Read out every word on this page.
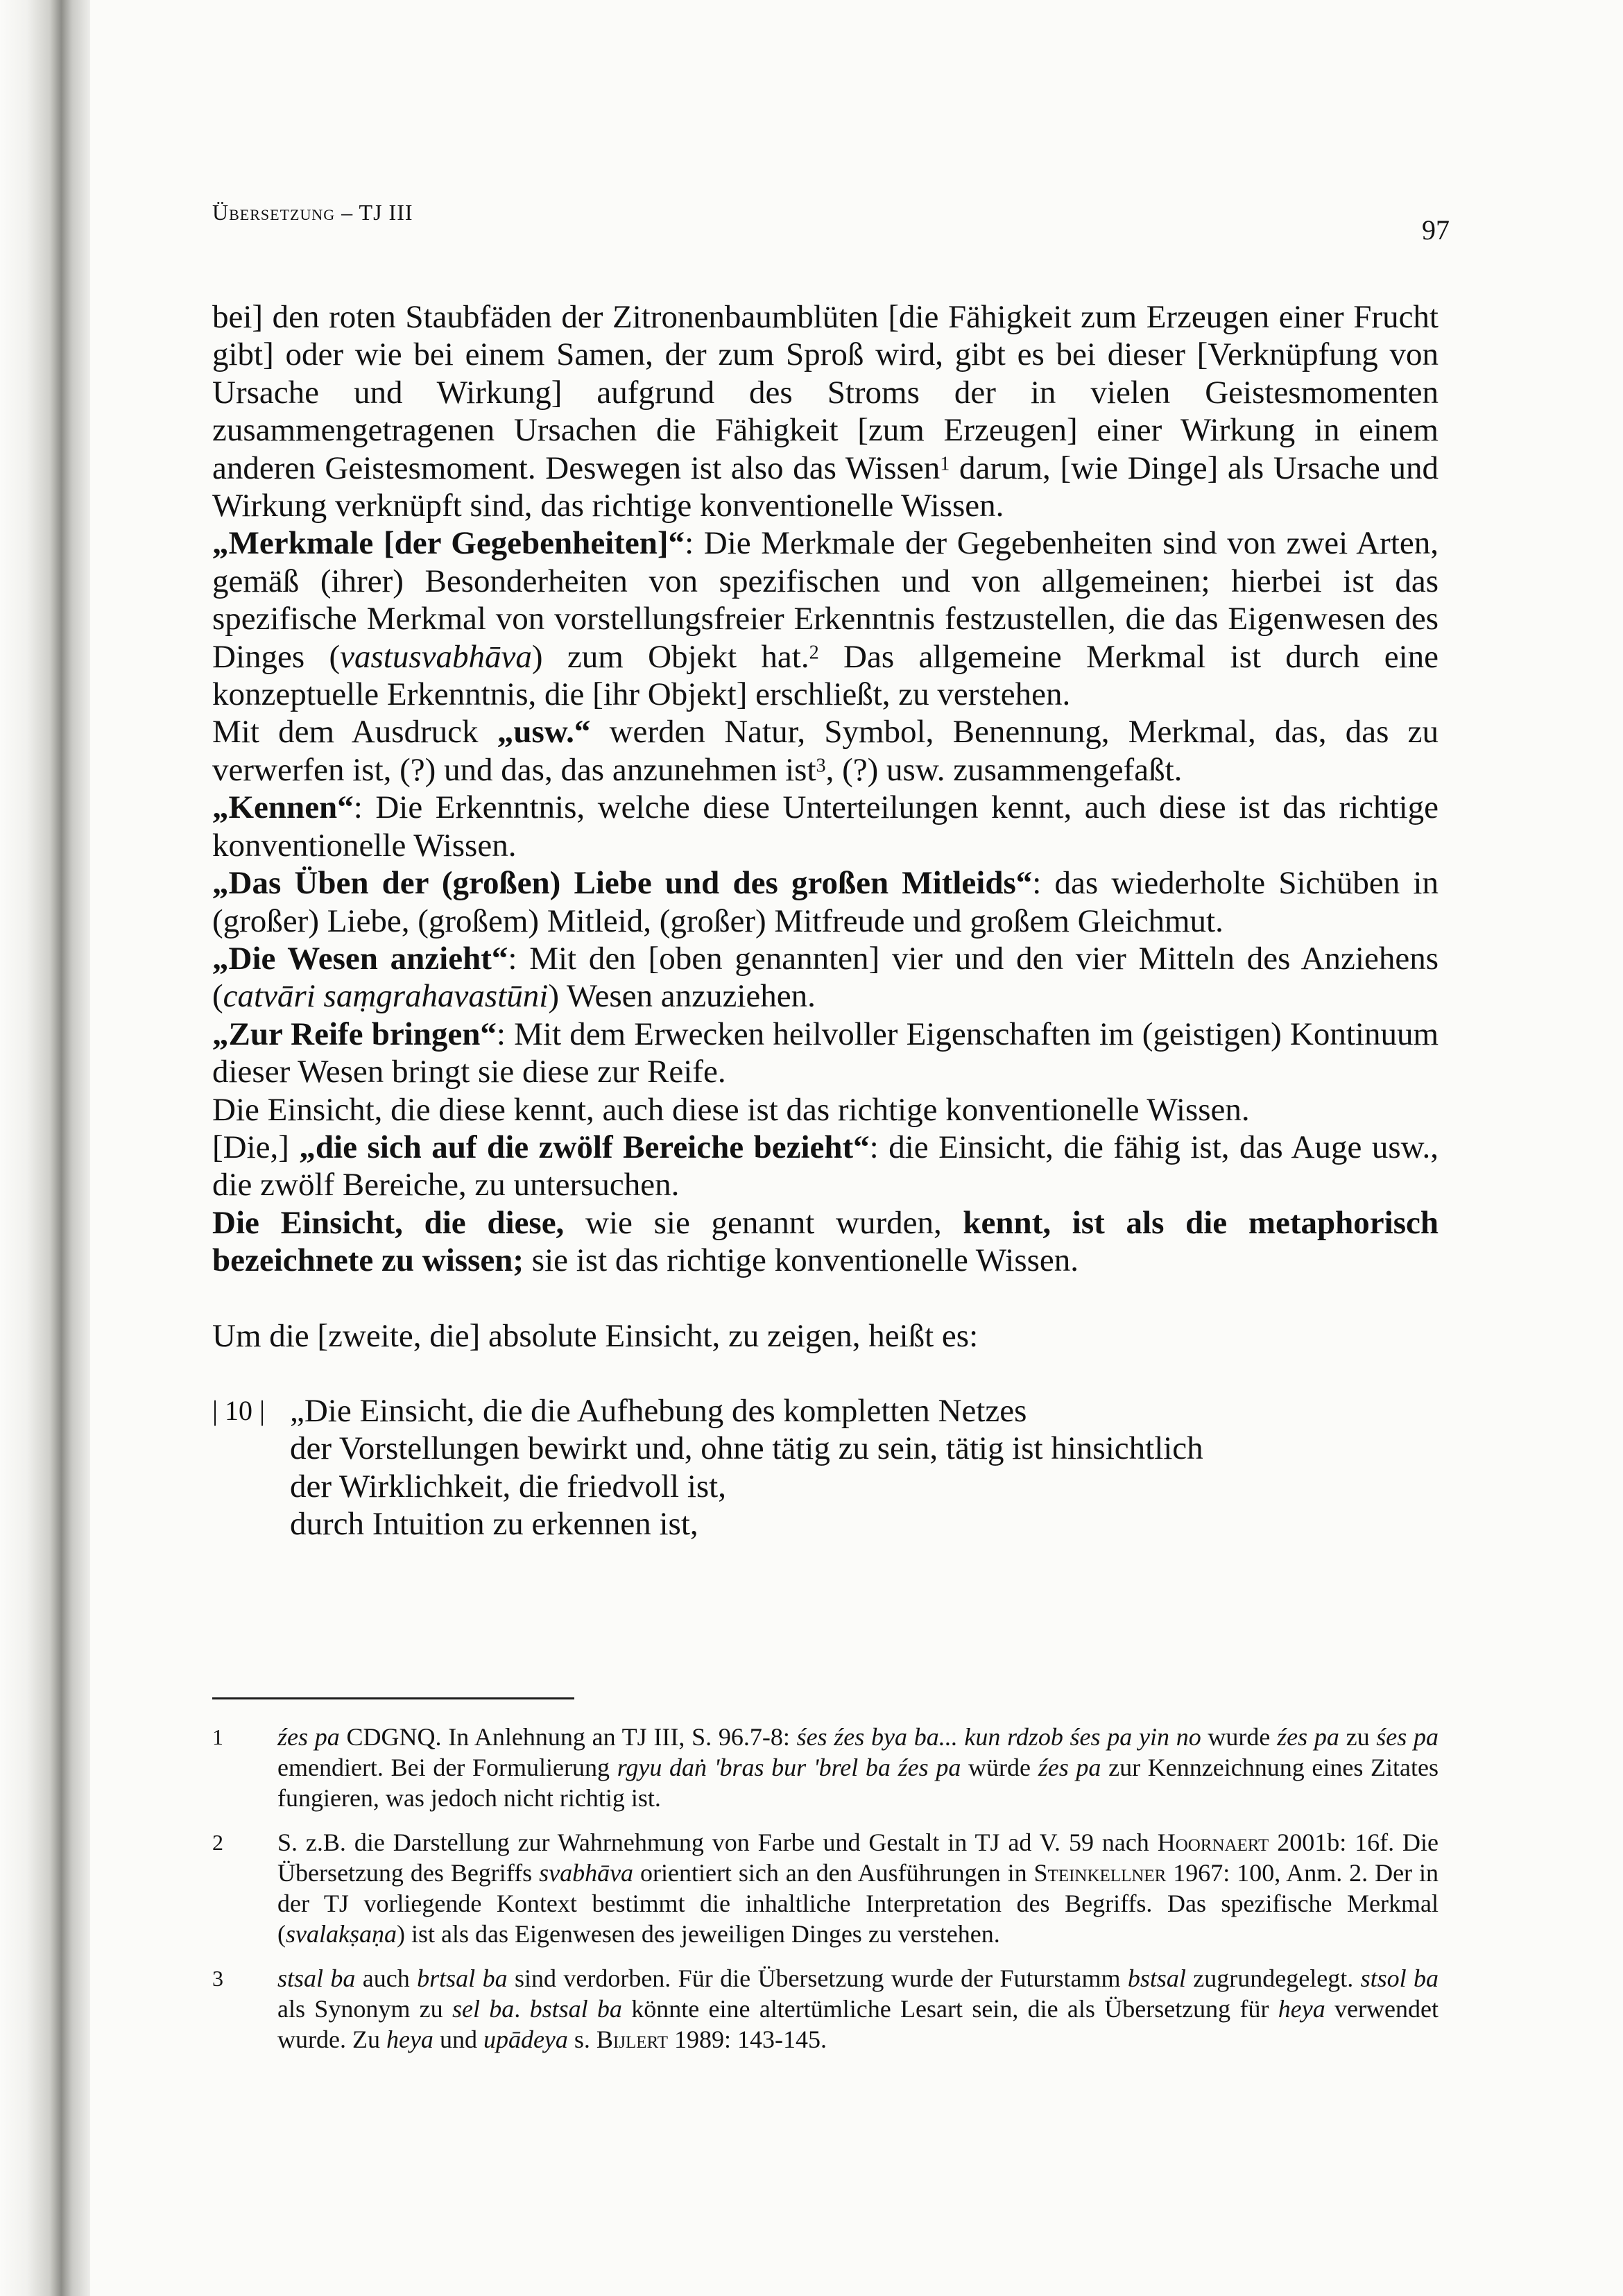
Übersetzung – TJ III
97

bei] den roten Staubfäden der Zitronenbaumblüten [die Fähigkeit zum Erzeugen einer Frucht gibt] oder wie bei einem Samen, der zum Sproß wird, gibt es bei dieser [Verknüpfung von Ursache und Wirkung] aufgrund des Stroms der in vielen Geistesmomenten zusammengetragenen Ursachen die Fähigkeit [zum Erzeugen] einer Wirkung in einem anderen Geistesmoment. Deswegen ist also das Wissen$^1$ darum, [wie Dinge] als Ursache und Wirkung verknüpft sind, das richtige konventionelle Wissen.

„Merkmale [der Gegebenheiten]“: Die Merkmale der Gegebenheiten sind von zwei Arten, gemäß (ihrer) Besonderheiten von spezifischen und von allgemeinen; hierbei ist das spezifische Merkmal von vorstellungsfreier Erkenntnis festzustellen, die das Eigenwesen des Dinges (vastusvabhāva) zum Objekt hat.$^2$ Das allgemeine Merkmal ist durch eine konzeptuelle Erkenntnis, die [ihr Objekt] erschließt, zu verstehen.

Mit dem Ausdruck „usw.“ werden Natur, Symbol, Benennung, Merkmal, das, das zu verwerfen ist, (?) und das, das anzunehmen ist$^3$, (?) usw. zusammengefaßt.

„Kennen“: Die Erkenntnis, welche diese Unterteilungen kennt, auch diese ist das richtige konventionelle Wissen.

„Das Üben der (großen) Liebe und des großen Mitleids“: das wiederholte Sichüben in (großer) Liebe, (großem) Mitleid, (großer) Mitfreude und großem Gleichmut.

„Die Wesen anzieht“: Mit den [oben genannten] vier und den vier Mitteln des Anziehens (catvāri saṃgrahavastūni) Wesen anzuziehen.

„Zur Reife bringen“: Mit dem Erwecken heilvoller Eigenschaften im (geistigen) Kontinuum dieser Wesen bringt sie diese zur Reife.

Die Einsicht, die diese kennt, auch diese ist das richtige konventionelle Wissen.

[Die,] „die sich auf die zwölf Bereiche bezieht“: die Einsicht, die fähig ist, das Auge usw., die zwölf Bereiche, zu untersuchen.

Die Einsicht, die diese, wie sie genannt wurden, kennt, ist als die metaphorisch bezeichnete zu wissen; sie ist das richtige konventionelle Wissen.

Um die [zweite, die] absolute Einsicht, zu zeigen, heißt es:

| 10 | „Die Einsicht, die die Aufhebung des kompletten Netzes
der Vorstellungen bewirkt und, ohne tätig zu sein, tätig ist hinsichtlich
der Wirklichkeit, die friedvoll ist,
durch Intuition zu erkennen ist,
1	źes pa CDGNQ. In Anlehnung an TJ III, S. 96.7-8: śes źes bya ba... kun rdzob śes pa yin no wurde źes pa zu śes pa emendiert. Bei der Formulierung rgyu daṅ 'bras bur 'brel ba źes pa würde źes pa zur Kennzeichnung eines Zitates fungieren, was jedoch nicht richtig ist.

2	S. z.B. die Darstellung zur Wahrnehmung von Farbe und Gestalt in TJ ad V. 59 nach Hoornaert 2001b: 16f. Die Übersetzung des Begriffs svabhāva orientiert sich an den Ausführungen in Steinkellner 1967: 100, Anm. 2. Der in der TJ vorliegende Kontext bestimmt die inhaltliche Interpretation des Begriffs. Das spezifische Merkmal (svalakṣaṇa) ist als das Eigenwesen des jeweiligen Dinges zu verstehen.

3	stsal ba auch brtsal ba sind verdorben. Für die Übersetzung wurde der Futurstamm bstsal zugrundegelegt. stsol ba als Synonym zu sel ba. bstsal ba könnte eine altertümliche Lesart sein, die als Übersetzung für heya verwendet wurde. Zu heya und upādeya s. Bijlert 1989: 143-145.
